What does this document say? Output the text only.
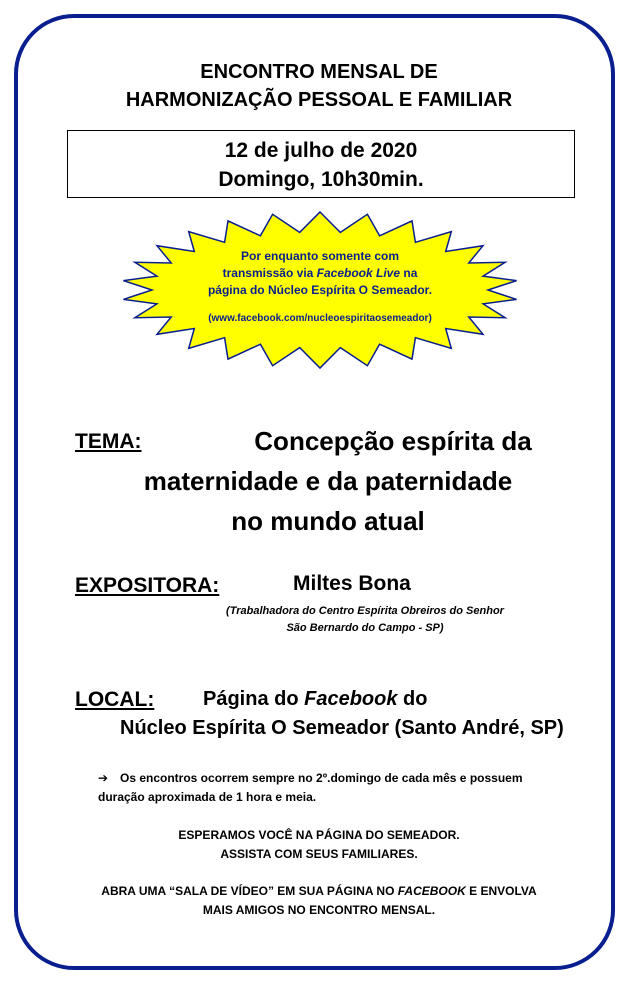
ENCONTRO MENSAL DE
HARMONIZAÇÃO PESSOAL E FAMILIAR
12 de julho de 2020
Domingo, 10h30min.
Por enquanto somente com
transmissão via Facebook Live na
página do Núcleo Espírita O Semeador.
(www.facebook.com/nucleoespiritaosemeador)
TEMA:	Concepção espírita da
maternidade e da paternidade
no mundo atual
EXPOSITORA:	Miltes Bona
(Trabalhadora do Centro Espírita Obreiros do Senhor
São Bernardo do Campo - SP)
LOCAL: Página do Facebook do
Núcleo Espírita O Semeador (Santo André, SP)
➔ Os encontros ocorrem sempre no 2º.domingo de cada mês e possuem
duração aproximada de 1 hora e meia.
ESPERAMOS VOCÊ NA PÁGINA DO SEMEADOR.
ASSISTA COM SEUS FAMILIARES.
ABRA UMA “SALA DE VÍDEO” EM SUA PÁGINA NO FACEBOOK E ENVOLVA
MAIS AMIGOS NO ENCONTRO MENSAL.
